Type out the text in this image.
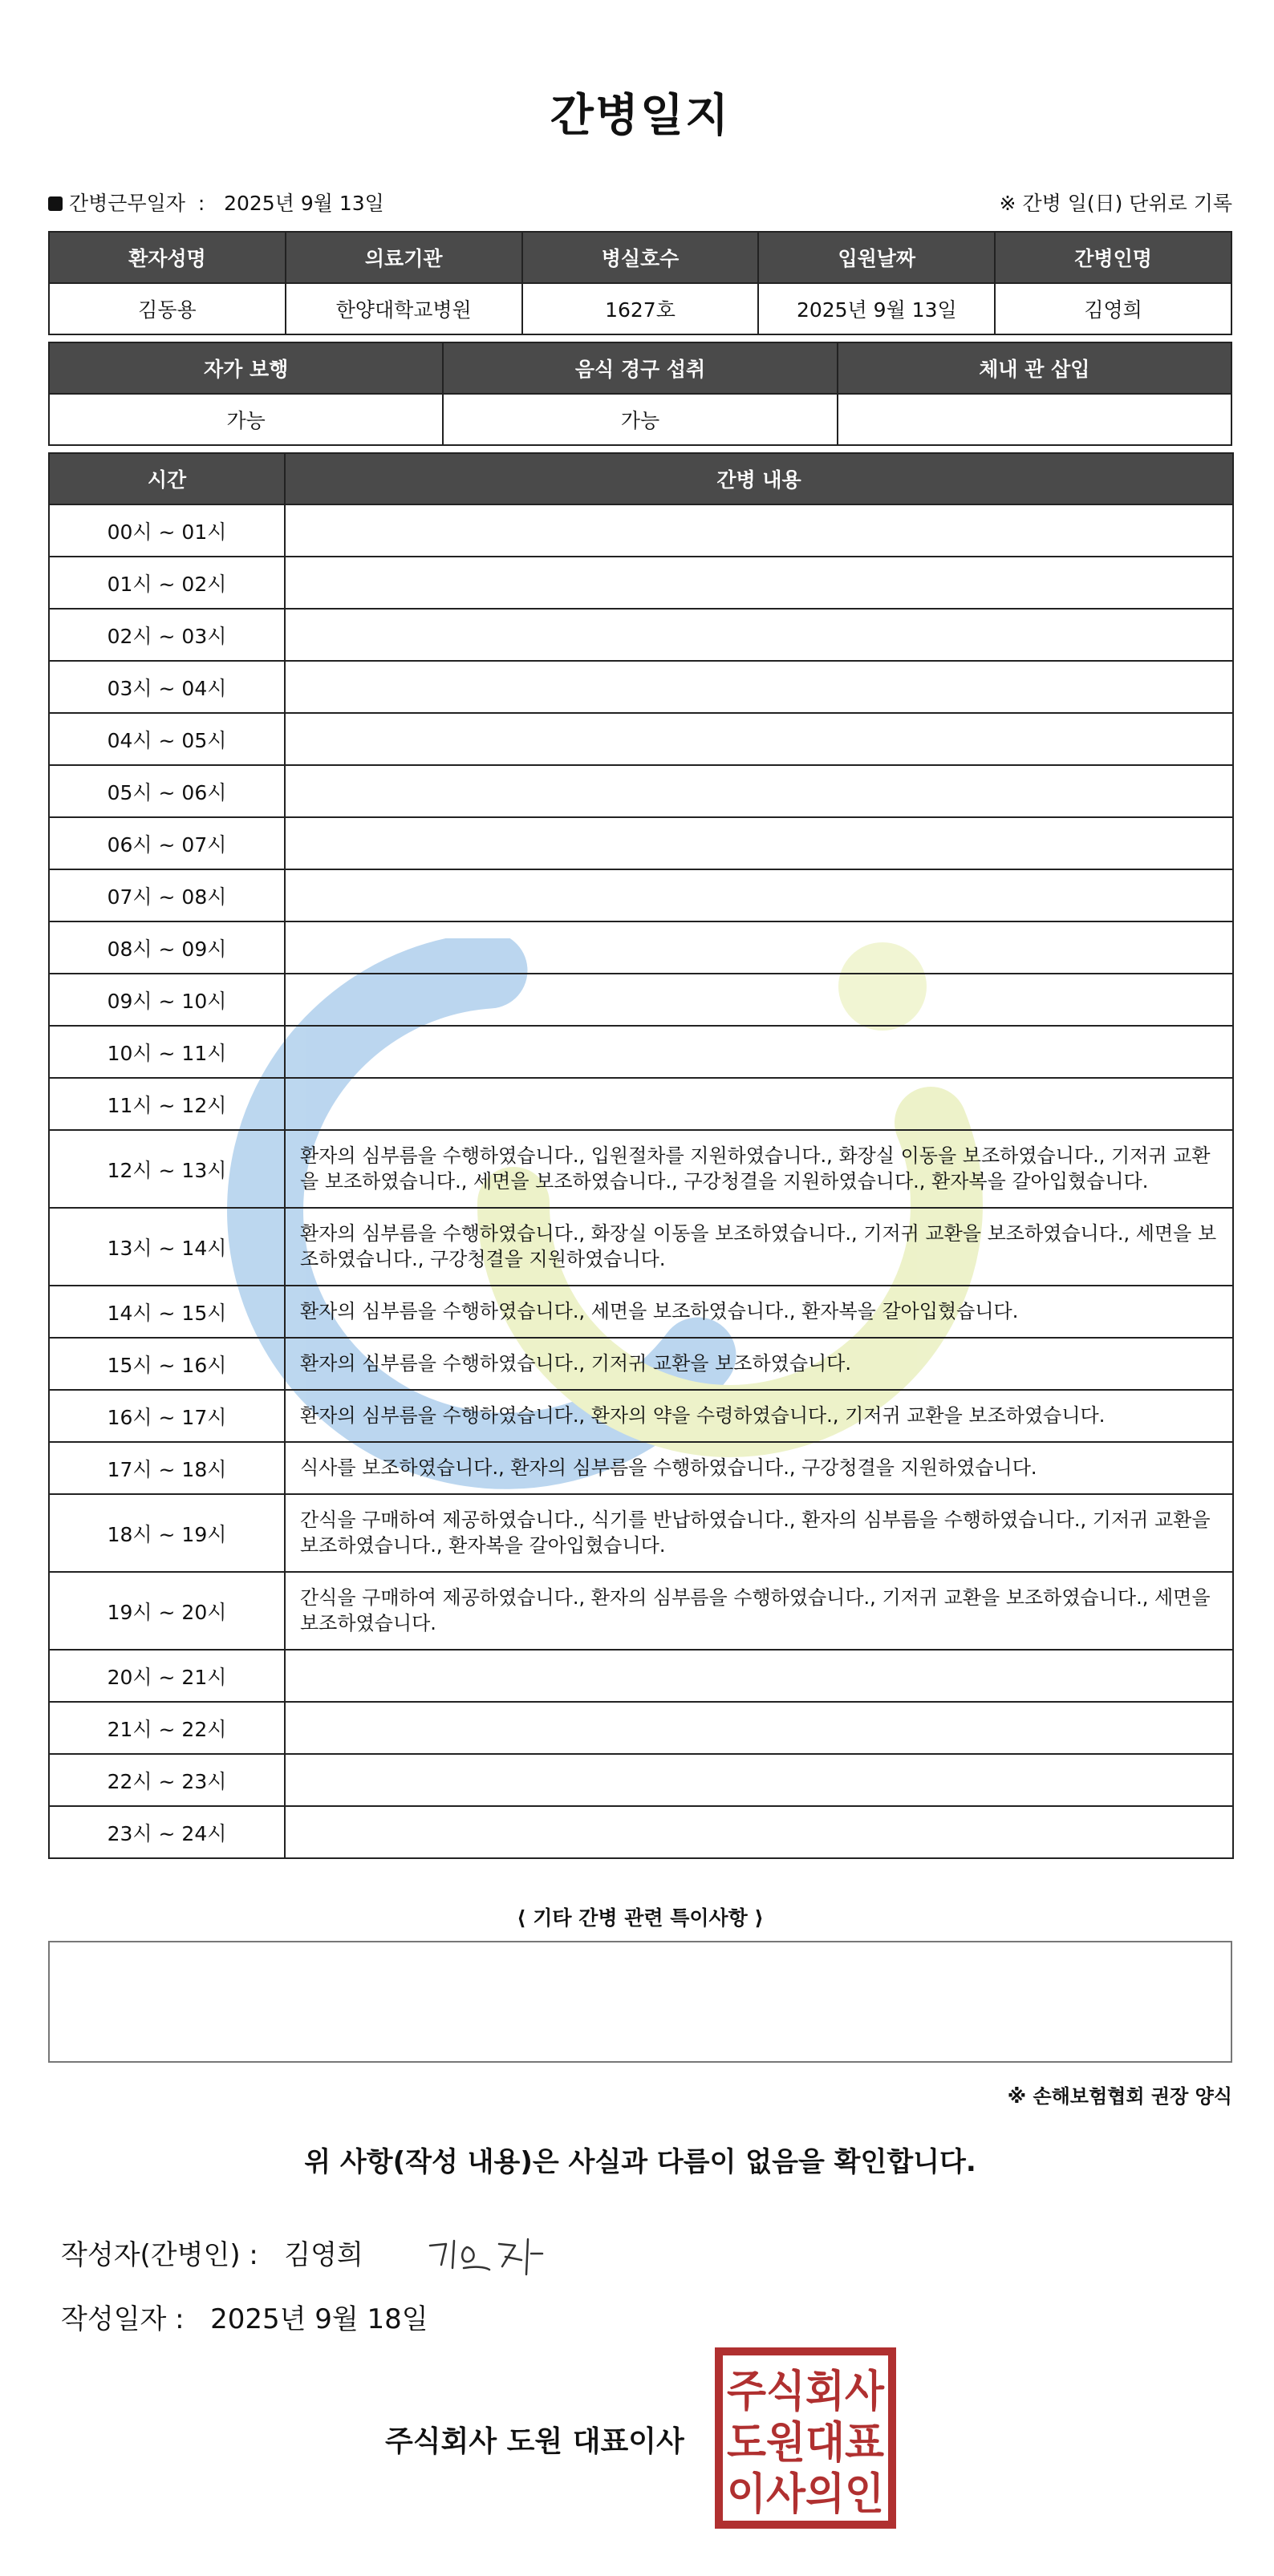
간병일지
간병근무일자 : 2025년 9월 13일	※ 간병 일(日) 단위로 기록
환자성명	의료기관	병실호수	입원날짜	간병인명
김동용	한양대학교병원	1627호	2025년 9월 13일	김영희
자가 보행	음식 경구 섭취	체내 관 삽입
가능	가능	
시간	간병 내용
00시 ~ 01시	
01시 ~ 02시	
02시 ~ 03시	
03시 ~ 04시	
04시 ~ 05시	
05시 ~ 06시	
06시 ~ 07시	
07시 ~ 08시	
08시 ~ 09시	
09시 ~ 10시	
10시 ~ 11시	
11시 ~ 12시	
12시 ~ 13시	환자의 심부름을 수행하였습니다., 입원절차를 지원하였습니다., 화장실 이동을 보조하였습니다., 기저귀 교환을 보조하였습니다., 세면을 보조하였습니다., 구강청결을 지원하였습니다., 환자복을 갈아입혔습니다.
13시 ~ 14시	환자의 심부름을 수행하였습니다., 화장실 이동을 보조하였습니다., 기저귀 교환을 보조하였습니다., 세면을 보조하였습니다., 구강청결을 지원하였습니다.
14시 ~ 15시	환자의 심부름을 수행하였습니다., 세면을 보조하였습니다., 환자복을 갈아입혔습니다.
15시 ~ 16시	환자의 심부름을 수행하였습니다., 기저귀 교환을 보조하였습니다.
16시 ~ 17시	환자의 심부름을 수행하였습니다., 환자의 약을 수령하였습니다., 기저귀 교환을 보조하였습니다.
17시 ~ 18시	식사를 보조하였습니다., 환자의 심부름을 수행하였습니다., 구강청결을 지원하였습니다.
18시 ~ 19시	간식을 구매하여 제공하였습니다., 식기를 반납하였습니다., 환자의 심부름을 수행하였습니다., 기저귀 교환을 보조하였습니다., 환자복을 갈아입혔습니다.
19시 ~ 20시	간식을 구매하여 제공하였습니다., 환자의 심부름을 수행하였습니다., 기저귀 교환을 보조하였습니다., 세면을 보조하였습니다.
20시 ~ 21시	
21시 ~ 22시	
22시 ~ 23시	
23시 ~ 24시	
⟨ 기타 간병 관련 특이사항 ⟩
※ 손해보험협회 권장 양식
위 사항(작성 내용)은 사실과 다름이 없음을 확인합니다.
작성자(간병인) : 김영희
작성일자 : 2025년 9월 18일
주식회사 도원 대표이사
주식회사
도원대표
이사의인
